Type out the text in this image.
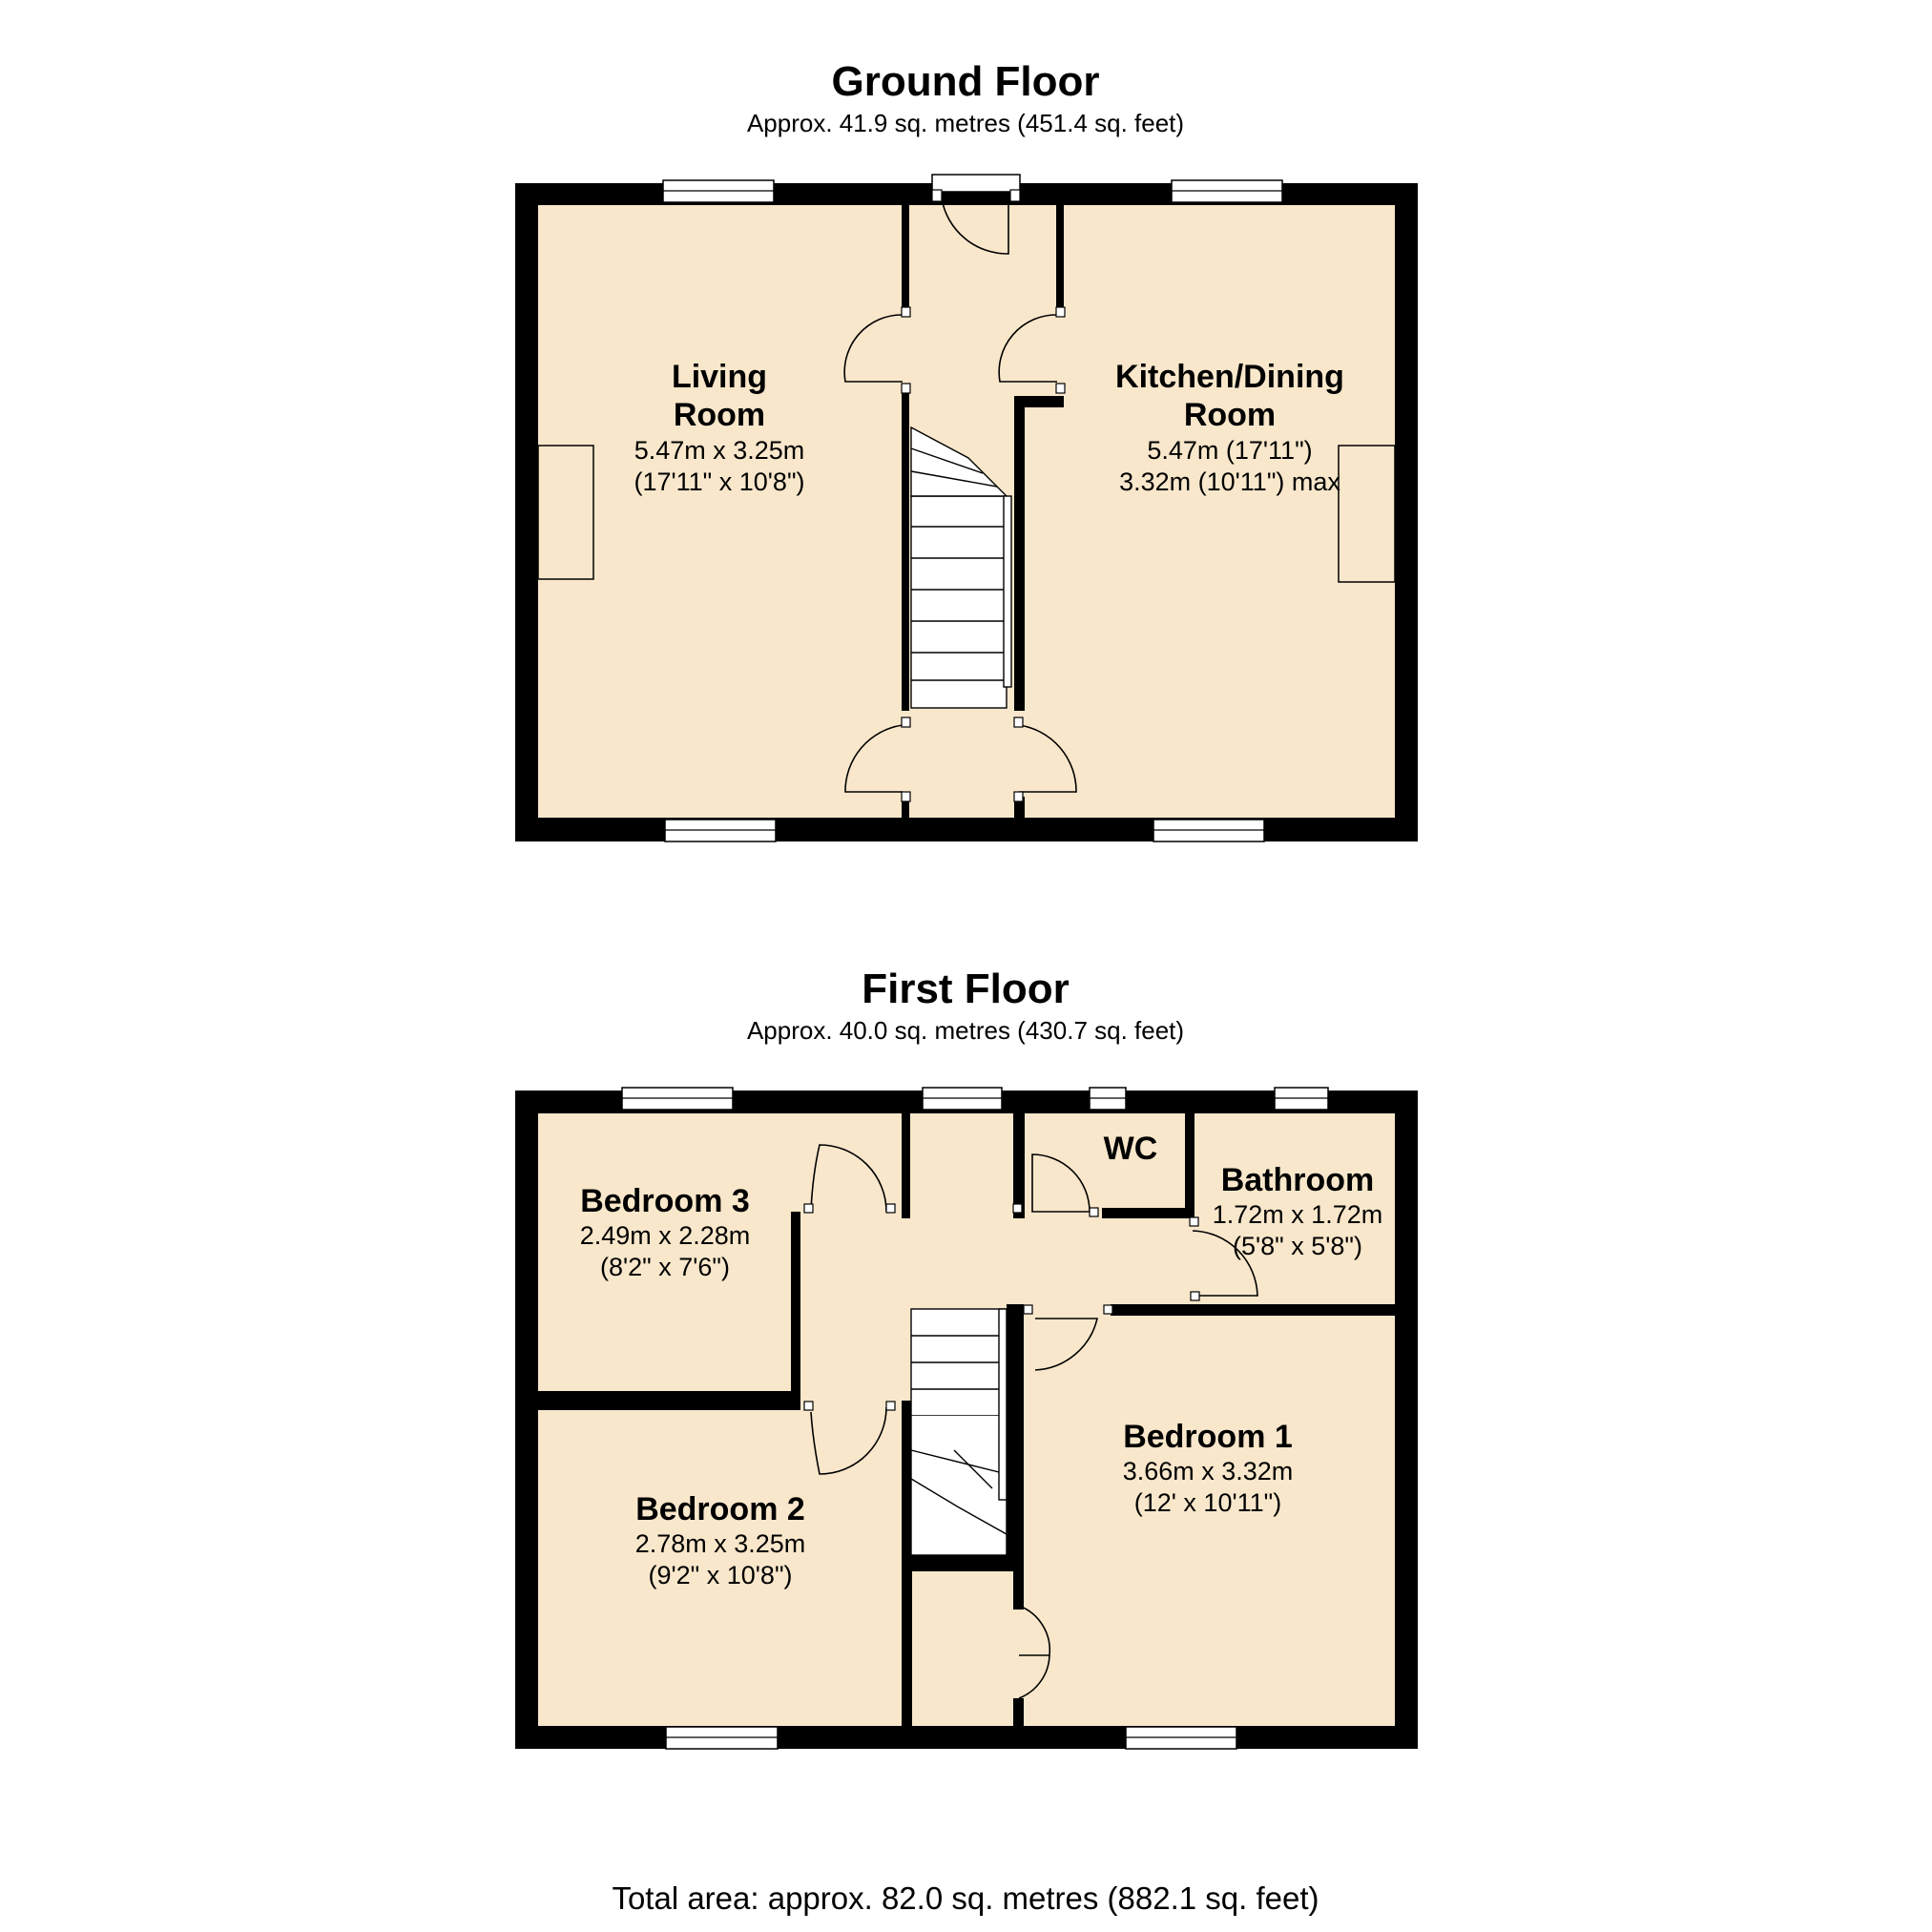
Ground Floor
Approx. 41.9 sq. metres (451.4 sq. feet)
Living
Room
5.47m x 3.25m
(17'11" x 10'8")
Kitchen/Dining
Room
5.47m (17'11")
3.32m (10'11") max
First Floor
Approx. 40.0 sq. metres (430.7 sq. feet)
Bedroom 3
2.49m x 2.28m
(8'2" x 7'6")
WC
Bathroom
1.72m x 1.72m
(5'8" x 5'8")
Bedroom 1
3.66m x 3.32m
(12' x 10'11")
Bedroom 2
2.78m x 3.25m
(9'2" x 10'8")
Total area: approx. 82.0 sq. metres (882.1 sq. feet)
